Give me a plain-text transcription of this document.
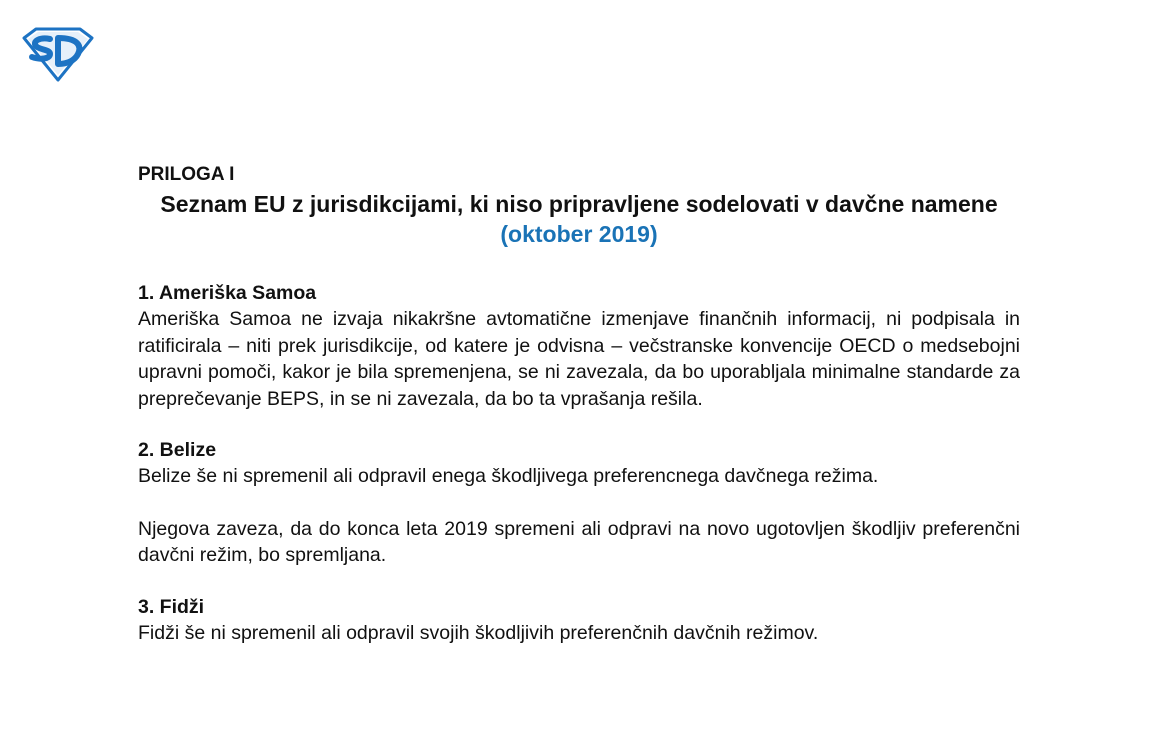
PRILOGA I

Seznam EU z jurisdikcijami, ki niso pripravljene sodelovati v davčne namene

(oktober 2019)

1. Ameriška Samoa

Ameriška Samoa ne izvaja nikakršne avtomatične izmenjave finančnih informacij, ni podpisala in ratificirala – niti prek jurisdikcije, od katere je odvisna – večstranske konvencije OECD o medsebojni upravni pomoči, kakor je bila spremenjena, se ni zavezala, da bo uporabljala minimalne standarde za preprečevanje BEPS, in se ni zavezala, da bo ta vprašanja rešila.

2. Belize

Belize še ni spremenil ali odpravil enega škodljivega preferencnega davčnega režima.

Njegova zaveza, da do konca leta 2019 spremeni ali odpravi na novo ugotovljen škodljiv preferenčni davčni režim, bo spremljana.

3. Fidži

Fidži še ni spremenil ali odpravil svojih škodljivih preferenčnih davčnih režimov.
